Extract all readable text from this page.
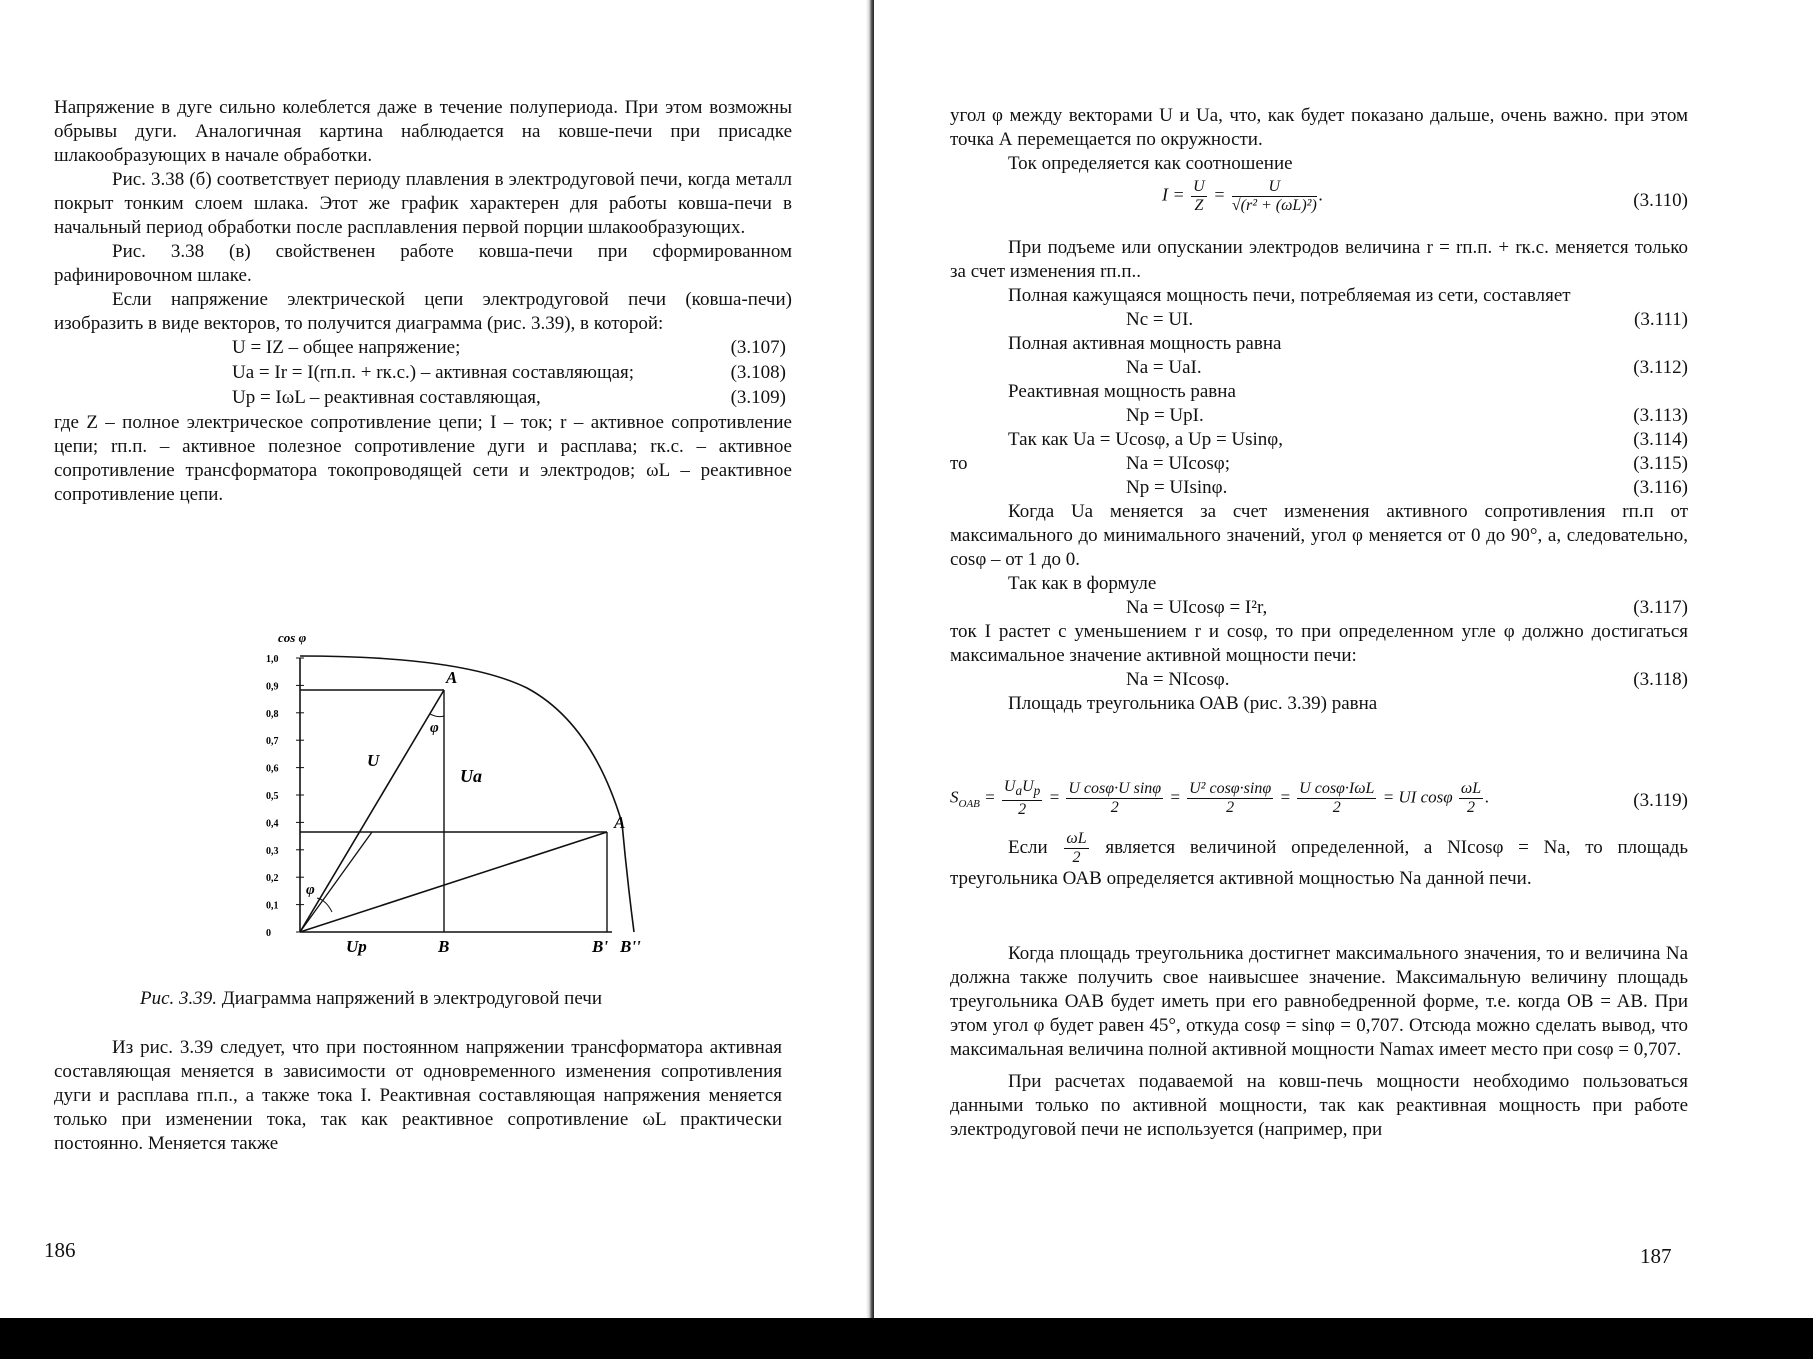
Напряжение в дуге сильно колеблется даже в течение полупериода. При этом возможны обрывы дуги. Аналогичная картина наблюдается на ковше-печи при присадке шлакообразующих в начале обработки.

Рис. 3.38 (б) соответствует периоду плавления в электродуговой печи, когда металл покрыт тонким слоем шлака. Этот же график характерен для работы ковша-печи в начальный период обработки после расплавления первой порции шлакообразующих.

Рис. 3.38 (в) свойственен работе ковша-печи при сформированном рафинировочном шлаке.

Если напряжение электрической цепи электродуговой печи (ковша-печи) изобразить в виде векторов, то получится диаграмма (рис. 3.39), в которой:

U = IZ – общее напряжение;	(3.107)
Ua = Ir = I(rп.п. + rк.с.) – активная составляющая;	(3.108)
Up = IωL – реактивная составляющая,	(3.109)

где Z – полное электрическое сопротивление цепи; I – ток; r – активное сопротивление цепи; rп.п. – активное полезное сопротивление дуги и расплава; rк.с. – активное сопротивление трансформатора токопроводящей сети и электродов; ωL – реактивное сопротивление цепи.

1,0
0,9
0,8
0,7
0,6
0,5
0,4
0,3
0,2
0,1
0
cos φ
A
A
U
Ua
φ
φ
Up	B	B' B''
Рис. 3.39. Диаграмма напряжений в электродуговой печи

Из рис. 3.39 следует, что при постоянном напряжении трансформатора активная составляющая меняется в зависимости от одновременного изменения сопротивления дуги и расплава rп.п., а также тока I. Реактивная составляющая напряжения меняется только при изменении тока, так как реактивное сопротивление ωL практически постоянно. Меняется также

186

угол φ между векторами U и Ua, что, как будет показано дальше, очень важно. при этом точка А перемещается по окружности.

Ток определяется как соотношение

$I = \frac{U}{Z} = \frac{U}{\text{√(r² + (ωL)²)}}$ .	(3.110)

При подъеме или опускании электродов величина r = rп.п. + rк.с. меняется только за счет изменения rп.п..

Полная кажущаяся мощность печи, потребляемая из сети, составляет

Nc = UI.	(3.111)

Полная активная мощность равна

Na = UaI.	(3.112)

Реактивная мощность равна

Np = UpI.	(3.113)
Так как Ua = Ucosφ, а Up = Usinφ,	(3.114)
то	Na = UIcosφ;	(3.115)
Np = UIsinφ.	(3.116)

Когда Ua меняется за счет изменения активного сопротивления rп.п от максимального до минимального значений, угол φ меняется от 0 до 90°, а, следовательно, cosφ – от 1 до 0.

Так как в формуле

Na = UIcosφ = I²r,	(3.117)

ток I растет с уменьшением r и cosφ, то при определенном угле φ должно достигаться максимальное значение активной мощности печи:

Na = NIcosφ.	(3.118)

Площадь треугольника ОАВ (рис. 3.39) равна

$S_{OAB} = \frac{U_aU_p}{2} = \frac{\text{U cosφ·U sinφ}}{2} = \frac{\text{U² cosφ·sinφ}}{2} = \frac{\text{U cosφ·IωL}}{2}$ = UI cosφ $\frac{\omega L}{2}$ .	(3.119)
Если $\frac{\omega L}{2}$ является величиной определенной, а NIcosφ = Na, то площадь треугольника ОАВ определяется активной мощностью Na данной печи.

Когда площадь треугольника достигнет максимального значения, то и величина Na должна также получить свое наивысшее значение. Максимальную величину площадь треугольника ОАВ будет иметь при его равнобедренной форме, т.е. когда OB = AB. При этом угол φ будет равен 45°, откуда cosφ = sinφ = 0,707. Отсюда можно сделать вывод, что максимальная величина полной активной мощности Namax имеет место при cosφ = 0,707.

При расчетах подаваемой на ковш-печь мощности необходимо пользоваться данными только по активной мощности, так как реактивная мощность при работе электродуговой печи не используется (например, при

187
